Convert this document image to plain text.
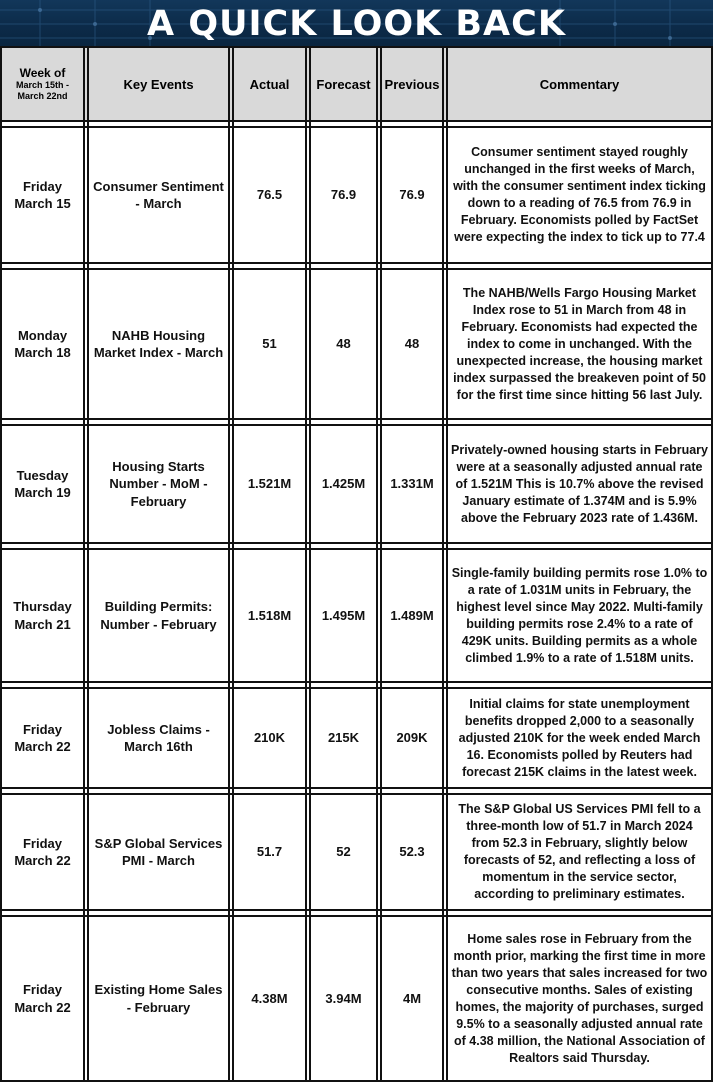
A QUICK LOOK BACK
Week of
March 15th -
March 22nd		Key Events		Actual		Forecast		Previous		Commentary

Friday
March 15		Consumer Sentiment - March		76.5		76.9		76.9		Consumer sentiment stayed roughly unchanged in the first weeks of March, with the consumer sentiment index ticking down to a reading of 76.5 from 76.9 in February. Economists polled by FactSet were expecting the index to tick up to 77.4

Monday
March 18		NAHB Housing Market Index - March		51		48		48		The NAHB/Wells Fargo Housing Market Index rose to 51 in March from 48 in February. Economists had expected the index to come in unchanged. With the unexpected increase, the housing market index surpassed the breakeven point of 50 for the first time since hitting 56 last July.

Tuesday
March 19		Housing Starts Number - MoM - February		1.521M		1.425M		1.331M		Privately-owned housing starts in February were at a seasonally adjusted annual rate of 1.521M This is 10.7% above the revised January estimate of 1.374M and is 5.9% above the February 2023 rate of 1.436M.

Thursday
March 21		Building Permits: Number - February		1.518M		1.495M		1.489M		Single-family building permits rose 1.0% to a rate of 1.031M units in February, the highest level since May 2022. Multi-family building permits rose 2.4% to a rate of 429K units. Building permits as a whole climbed 1.9% to a rate of 1.518M units.

Friday
March 22		Jobless Claims - March 16th		210K		215K		209K		Initial claims for state unemployment benefits dropped 2,000 to a seasonally adjusted 210K for the week ended March 16. Economists polled by Reuters had forecast 215K claims in the latest week.

Friday
March 22		S&P Global Services PMI - March		51.7		52		52.3		The S&P Global US Services PMI fell to a three-month low of 51.7 in March 2024 from 52.3 in February, slightly below forecasts of 52, and reflecting a loss of momentum in the service sector, according to preliminary estimates.

Friday
March 22		Existing Home Sales - February		4.38M		3.94M		4M		Home sales rose in February from the month prior, marking the first time in more than two years that sales increased for two consecutive months. Sales of existing homes, the majority of purchases, surged 9.5% to a seasonally adjusted annual rate of 4.38 million, the National Association of Realtors said Thursday.
